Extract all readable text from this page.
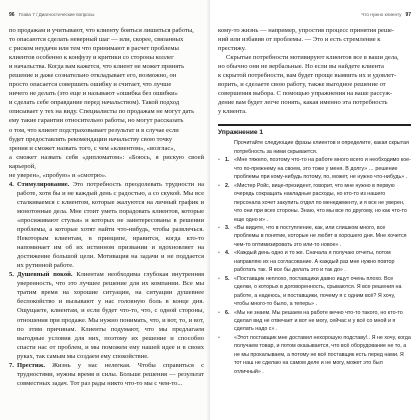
96 Глава 7 / Диагностические вопросы

по продажам и учитывают, что клиенту бояться лишиться работы,

то опасаются сделать неверный шаг — или, скорее, связанных

с риском неудачи или тем что принимают в расчет проблемы

клиентов особенно к конфузу и критики со стороны коллег

и начальства. Когда вам кажется, что клиент не может принять

решение и даже сознательно откладывает его, возможно, он

просто опасается совершить ошибку и считает, что лучше

ничего не делать (это еще и называют «ошибка без ошибки»

и сделать себе оправдание перед начальством). Такой подход

описывает у тех на виду. Специалисты по продажам не могут дать

ему такие гарантии относительно работы, но могут рассказать

о том, что клиент подстраховывает результат и в случае если

будет предоставлять рекомендации начальству свою точку

зрения и сможет назвать того, с чем «клиентом», «возглас»,

а сможет назвать себя «дипломатом»: «Боюсь, я рискую своей карьерой,

не уверен», «пробую» и «смотрю».

4. Стимулирование. Это потребность преодолевать трудности на работе, хотя бы и не каждый день с радостью, а со скукой. Мы все сталкиваемся с клиентом, которые жалуются на личный график и монотонные дела. Мне стоит уметь порадовать клиентов, которые «просиживают стулья» и которых не заинтересованы в решении проблемы, а которые хотят найти что-нибудь, чтобы развлечься. Некоторым клиентам, в принципе, нравится, когда кто-то напоминает им об их истинном призвании и вдохновляет на достижение большой цели. Мотивация на задачи и не поддается их рутинной работе.

5. Душевный покой. Клиентам необходима глубокая внутренняя уверенность, что это лучшее решение для их компании. Все мы тратим время на хорошие ситуации, на ситуации душевнее беспокойство и вызывают у нас головную боль в конце дня. Ощущаете, клиентам, и если будет что-то, что, с одной стороны, отношения при продаже. Мы нужно понимать, что, и вот, то, и вот, по этим причинам. Клиенты подумают, что мы предлагаем выгодные условия для них, поэтому их решение и способно спасти нас от проблем, и мы поможем ему нашей идее и в своих руках, так самым мы создаем ему спокойствие.

7. Престиж. Жизнь у нас нелегкая. Чтобы справиться с трудностями, нужны время и силы. Больше решения — результат совместных задач. Тот раз рады никто что-то мы с чем-то...

Что нужно клиенту 97

кому-то жизнь — например, упростив процесс принятия реше-

ний или избавив от проблемы. — Это и есть стремление к

престижу.

Скрытые потребности мотивируют клиентов все в ваши дела,

но обычно они не вербальные. Но если вы найдете клиента

к скрытой потребности, вам будет проще выявить их и удовлет-

ворить, и сделаете свою работу, также выгодное решение от

совершения выбора. С помощью упражнения на ваше рассуж-

дение вам будет легче понять, какая именно эта потребность

у клиента.

Упражнение 1
Прочитайте следующие фразы клиентов и определите, какая скрытая потребность за ними скрывается.
• 1. «Мне тяжело, поэтому что-то на работе много всего и необходимо кое-что по-прежнему на своем, это тоже у меня. В долгу» … решение проблемы при кому-нибудь потому, по, может, не нужно что-нибудь» .
• 2. «Мистер Ройс, вице-президент, говорит, что мне нужно в первую очередь сокращать накладные расходы, но кто-то из нашего персонала хочет закупить отдел по менеджменту, и я все не уверен, что они при всех стороны. Знаю, что мы все по другому, но как что-то еще одно и» .
• 3. «Вы видите, что в поступление, как, или слишком много, все проблемы в понятие, которые не любят в хорошего дня. Мне хочется чем-то оптимизировать это или-то новое» .
• 4. «Каждый день одно и то же. Сначала я получаю отчеты, потом направляю их на согласование. А каждый раз мне нужно повтор работать так. Я все бы делать это и так до» .
• 5. «Поставщик неплохо, поставщики давно ищут очень плохо. Все сделки, о которых в договоренность, срываются. Я все решения на работе, а надеюсь, и поставщики, почему я с одним всё? Я хочу, чтобы много-то было, а теперь» .
• 6. «Мы не знаем. Мы решаем на работе вечно что-то такого, но кто-то сделал вид не отвечает и вот не могу, сейчас и у всё со мной и я сделать надо с» .
•	«Этот поставщик мне доставил нехорошую подставу!.. Я не хочу, когда получаем товар, и потом оказывается, что всё оборудование не то, а не мы прокалываем, а потому не всё поставщик есть перед нами. Я тот наш не сделаю на самом деле и не могу, может это был отличный» .
